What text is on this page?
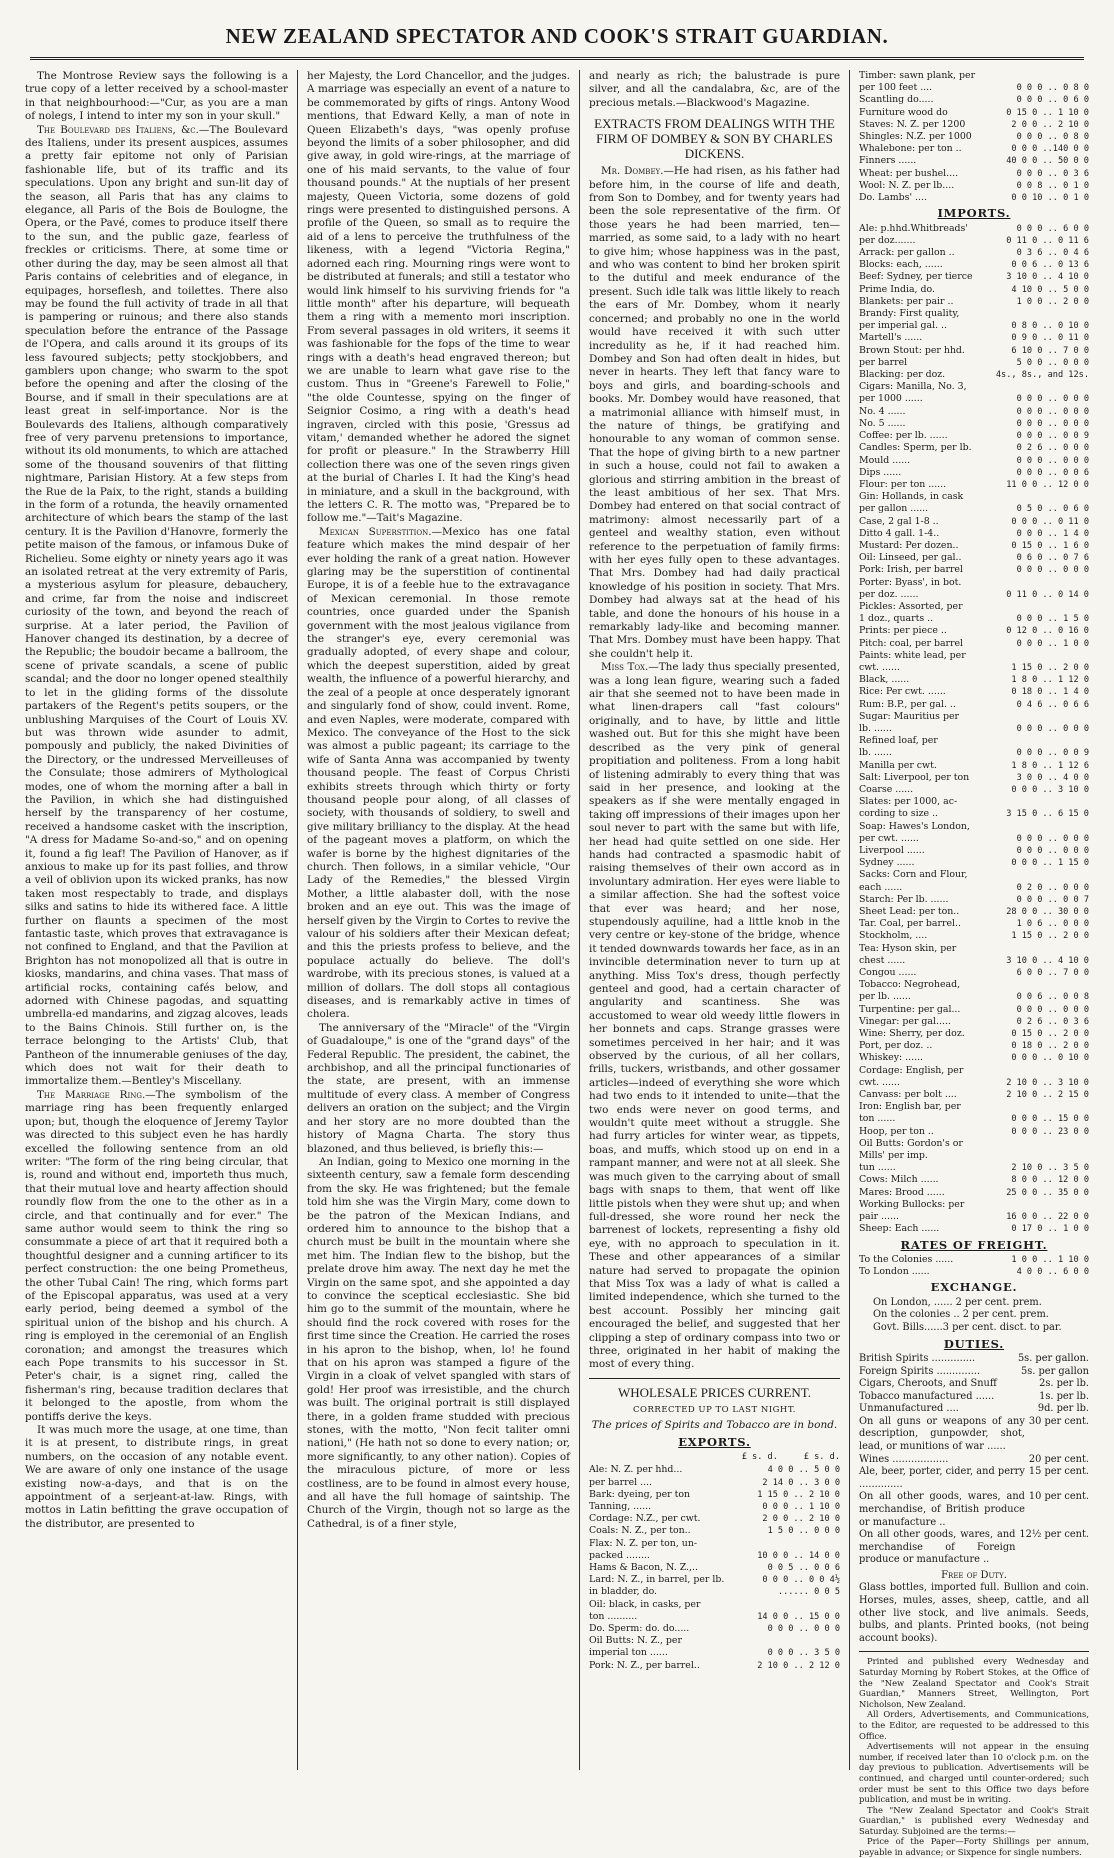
NEW ZEALAND SPECTATOR AND COOK'S STRAIT GUARDIAN.

The Montrose Review says the following is a true copy of a letter received by a school-master in that neighbourhood:—"Cur, as you are a man of nolegs, I intend to inter my son in your skull."

The Boulevard des Italiens, &c.—The Boulevard des Italiens, under its present auspices, assumes a pretty fair epitome not only of Parisian fashionable life, but of its traffic and its speculations. Upon any bright and sun-lit day of the season, all Paris that has any claims to elegance, all Paris of the Bois de Boulogne, the Opera, or the Pavé, comes to produce itself there to the sun, and the public gaze, fearless of freckles or criticisms. There, at some time or other during the day, may be seen almost all that Paris contains of celebrities and of elegance, in equipages, horseflesh, and toilettes. There also may be found the full activity of trade in all that is pampering or ruinous; and there also stands speculation before the entrance of the Passage de l'Opera, and calls around it its groups of its less favoured subjects; petty stockjobbers, and gamblers upon change; who swarm to the spot before the opening and after the closing of the Bourse, and if small in their speculations are at least great in self-importance. Nor is the Boulevards des Italiens, although comparatively free of very parvenu pretensions to importance, without its old monuments, to which are attached some of the thousand souvenirs of that flitting nightmare, Parisian History. At a few steps from the Rue de la Paix, to the right, stands a building in the form of a rotunda, the heavily ornamented architecture of which bears the stamp of the last century. It is the Pavilion d'Hanovre, formerly the petite maison of the famous, or infamous Duke of Richelieu. Some eighty or ninety years ago it was an isolated retreat at the very extremity of Paris, a mysterious asylum for pleasure, debauchery, and crime, far from the noise and indiscreet curiosity of the town, and beyond the reach of surprise. At a later period, the Pavilion of Hanover changed its destination, by a decree of the Republic; the boudoir became a ballroom, the scene of private scandals, a scene of public scandal; and the door no longer opened stealthily to let in the gliding forms of the dissolute partakers of the Regent's petits soupers, or the unblushing Marquises of the Court of Louis XV. but was thrown wide asunder to admit, pompously and publicly, the naked Divinities of the Directory, or the undressed Merveilleuses of the Consulate; those admirers of Mythological modes, one of whom the morning after a ball in the Pavilion, in which she had distinguished herself by the transparency of her costume, received a handsome casket with the inscription, "A dress for Madame So-and-so," and on opening it, found a fig leaf! The Pavilion of Hanover, as if anxious to make up for its past follies, and throw a veil of oblivion upon its wicked pranks, has now taken most respectably to trade, and displays silks and satins to hide its withered face. A little further on flaunts a specimen of the most fantastic taste, which proves that extravagance is not confined to England, and that the Pavilion at Brighton has not monopolized all that is outre in kiosks, mandarins, and china vases. That mass of artificial rocks, containing cafés below, and adorned with Chinese pagodas, and squatting umbrella-ed mandarins, and zigzag alcoves, leads to the Bains Chinois. Still further on, is the terrace belonging to the Artists' Club, that Pantheon of the innumerable geniuses of the day, which does not wait for their death to immortalize them.—Bentley's Miscellany.

The Marriage Ring.—The symbolism of the marriage ring has been frequently enlarged upon; but, though the eloquence of Jeremy Taylor was directed to this subject even he has hardly excelled the following sentence from an old writer: "The form of the ring being circular, that is, round and without end, importeth thus much, that their mutual love and hearty affection should roundly flow from the one to the other as in a circle, and that continually and for ever." The same author would seem to think the ring so consummate a piece of art that it required both a thoughtful designer and a cunning artificer to its perfect construction: the one being Prometheus, the other Tubal Cain! The ring, which forms part of the Episcopal apparatus, was used at a very early period, being deemed a symbol of the spiritual union of the bishop and his church. A ring is employed in the ceremonial of an English coronation; and amongst the treasures which each Pope transmits to his successor in St. Peter's chair, is a signet ring, called the fisherman's ring, because tradition declares that it belonged to the apostle, from whom the pontiffs derive the keys.

It was much more the usage, at one time, than it is at present, to distribute rings, in great numbers, on the occasion of any notable event. We are aware of only one instance of the usage existing now-a-days, and that is on the appointment of a serjeant-at-law. Rings, with mottos in Latin befitting the grave occupation of the distributor, are presented to

her Majesty, the Lord Chancellor, and the judges. A marriage was especially an event of a nature to be commemorated by gifts of rings. Antony Wood mentions, that Edward Kelly, a man of note in Queen Elizabeth's days, "was openly profuse beyond the limits of a sober philosopher, and did give away, in gold wire-rings, at the marriage of one of his maid servants, to the value of four thousand pounds." At the nuptials of her present majesty, Queen Victoria, some dozens of gold rings were presented to distinguished persons. A profile of the Queen, so small as to require the aid of a lens to perceive the truthfulness of the likeness, with a legend "Victoria Regina," adorned each ring. Mourning rings were wont to be distributed at funerals; and still a testator who would link himself to his surviving friends for "a little month" after his departure, will bequeath them a ring with a memento mori inscription. From several passages in old writers, it seems it was fashionable for the fops of the time to wear rings with a death's head engraved thereon; but we are unable to learn what gave rise to the custom. Thus in "Greene's Farewell to Folie," "the olde Countesse, spying on the finger of Seignior Cosimo, a ring with a death's head ingraven, circled with this posie, 'Gressus ad vitam,' demanded whether he adored the signet for profit or pleasure." In the Strawberry Hill collection there was one of the seven rings given at the burial of Charles I. It had the King's head in miniature, and a skull in the background, with the letters C. R. The motto was, "Prepared be to follow me."—Tait's Magazine.

Mexican Superstition.—Mexico has one fatal feature which makes the mind despair of her ever holding the rank of a great nation. However glaring may be the superstition of continental Europe, it is of a feeble hue to the extravagance of Mexican ceremonial. In those remote countries, once guarded under the Spanish government with the most jealous vigilance from the stranger's eye, every ceremonial was gradually adopted, of every shape and colour, which the deepest superstition, aided by great wealth, the influence of a powerful hierarchy, and the zeal of a people at once desperately ignorant and singularly fond of show, could invent. Rome, and even Naples, were moderate, compared with Mexico. The conveyance of the Host to the sick was almost a public pageant; its carriage to the wife of Santa Anna was accompanied by twenty thousand people. The feast of Corpus Christi exhibits streets through which thirty or forty thousand people pour along, of all classes of society, with thousands of soldiery, to swell and give military brilliancy to the display. At the head of the pageant moves a platform, on which the wafer is borne by the highest dignitaries of the church. Then follows, in a similar vehicle, "Our Lady of the Remedies," the blessed Virgin Mother, a little alabaster doll, with the nose broken and an eye out. This was the image of herself given by the Virgin to Cortes to revive the valour of his soldiers after their Mexican defeat; and this the priests profess to believe, and the populace actually do believe. The doll's wardrobe, with its precious stones, is valued at a million of dollars. The doll stops all contagious diseases, and is remarkably active in times of cholera.

The anniversary of the "Miracle" of the "Virgin of Guadaloupe," is one of the "grand days" of the Federal Republic. The president, the cabinet, the archbishop, and all the principal functionaries of the state, are present, with an immense multitude of every class. A member of Congress delivers an oration on the subject; and the Virgin and her story are no more doubted than the history of Magna Charta. The story thus blazoned, and thus believed, is briefly this:—

An Indian, going to Mexico one morning in the sixteenth century, saw a female form descending from the sky. He was frightened; but the female told him she was the Virgin Mary, come down to be the patron of the Mexican Indians, and ordered him to announce to the bishop that a church must be built in the mountain where she met him. The Indian flew to the bishop, but the prelate drove him away. The next day he met the Virgin on the same spot, and she appointed a day to convince the sceptical ecclesiastic. She bid him go to the summit of the mountain, where he should find the rock covered with roses for the first time since the Creation. He carried the roses in his apron to the bishop, when, lo! he found that on his apron was stamped a figure of the Virgin in a cloak of velvet spangled with stars of gold! Her proof was irresistible, and the church was built. The original portrait is still displayed there, in a golden frame studded with precious stones, with the motto, "Non fecit taliter omni nationi," (He hath not so done to every nation; or, more significantly, to any other nation). Copies of the miraculous picture, of more or less costliness, are to be found in almost every house, and all have the full homage of saintship. The Church of the Virgin, though not so large as the Cathedral, is of a finer style,

and nearly as rich; the balustrade is pure silver, and all the candalabra, &c, are of the precious metals.—Blackwood's Magazine.

EXTRACTS FROM DEALINGS WITH THE FIRM OF DOMBEY & SON BY CHARLES DICKENS.

Mr. Dombey.—He had risen, as his father had before him, in the course of life and death, from Son to Dombey, and for twenty years had been the sole representative of the firm. Of those years he had been married, ten—married, as some said, to a lady with no heart to give him; whose happiness was in the past, and who was content to bind her broken spirit to the dutiful and meek endurance of the present. Such idle talk was little likely to reach the ears of Mr. Dombey, whom it nearly concerned; and probably no one in the world would have received it with such utter incredulity as he, if it had reached him. Dombey and Son had often dealt in hides, but never in hearts. They left that fancy ware to boys and girls, and boarding-schools and books. Mr. Dombey would have reasoned, that a matrimonial alliance with himself must, in the nature of things, be gratifying and honourable to any woman of common sense. That the hope of giving birth to a new partner in such a house, could not fail to awaken a glorious and stirring ambition in the breast of the least ambitious of her sex. That Mrs. Dombey had entered on that social contract of matrimony: almost necessarily part of a genteel and wealthy station, even without reference to the perpetuation of family firms: with her eyes fully open to these advantages. That Mrs. Dombey had had daily practical knowledge of his position in society. That Mrs. Dombey had always sat at the head of his table, and done the honours of his house in a remarkably lady-like and becoming manner. That Mrs. Dombey must have been happy. That she couldn't help it.

Miss Tox.—The lady thus specially presented, was a long lean figure, wearing such a faded air that she seemed not to have been made in what linen-drapers call "fast colours" originally, and to have, by little and little washed out. But for this she might have been described as the very pink of general propitiation and politeness. From a long habit of listening admirably to every thing that was said in her presence, and looking at the speakers as if she were mentally engaged in taking off impressions of their images upon her soul never to part with the same but with life, her head had quite settled on one side. Her hands had contracted a spasmodic habit of raising themselves of their own accord as in involuntary admiration. Her eyes were liable to a similar affection. She had the softest voice that ever was heard; and her nose, stupendously aquiline, had a little knob in the very centre or key-stone of the bridge, whence it tended downwards towards her face, as in an invincible determination never to turn up at anything. Miss Tox's dress, though perfectly genteel and good, had a certain character of angularity and scantiness. She was accustomed to wear old weedy little flowers in her bonnets and caps. Strange grasses were sometimes perceived in her hair; and it was observed by the curious, of all her collars, frills, tuckers, wristbands, and other gossamer articles—indeed of everything she wore which had two ends to it intended to unite—that the two ends were never on good terms, and wouldn't quite meet without a struggle. She had furry articles for winter wear, as tippets, boas, and muffs, which stood up on end in a rampant manner, and were not at all sleek. She was much given to the carrying about of small bags with snaps to them, that went off like little pistols when they were shut up; and when full-dressed, she wore round her neck the barrenest of lockets, representing a fishy old eye, with no approach to speculation in it. These and other appearances of a similar nature had served to propagate the opinion that Miss Tox was a lady of what is called a limited independence, which she turned to the best account. Possibly her mincing gait encouraged the belief, and suggested that her clipping a step of ordinary compass into two or three, originated in her habit of making the most of every thing.

WHOLESALE PRICES CURRENT.
CORRECTED UP TO LAST NIGHT.
The prices of Spirits and Tobacco are in bond.
EXPORTS.
£ s. d.     £ s. d.
Ale: N. Z. per hhd...	4 0 0 .. 5 0 0
per barrel ....	2 14 0 .. 3 0 0
Bark: dyeing, per ton	1 15 0 .. 2 10 0
Tanning, ......	0 0 0 .. 1 10 0
Cordage: N.Z., per cwt.	2 0 0 .. 2 10 0
Coals: N. Z., per ton..	1 5 0 .. 0 0 0
Flax: N. Z. per ton, un-	
packed ........	10 0 0 .. 14 0 0
Hams & Bacon, N. Z.,..	0 0 5 .. 0 0 6
Lard: N. Z., in barrel, per lb.	0 0 0 .. 0 0 4½
in bladder, do.	...... 0 0 5
Oil: black, in casks, per	
ton ..........	14 0 0 .. 15 0 0
Do. Sperm: do. do.....	0 0 0 .. 0 0 0
Oil Butts: N. Z., per	
imperial ton ......	0 0 0 .. 3 5 0
Pork: N. Z., per barrel..	2 10 0 .. 2 12 0
Timber: sawn plank, per	
per 100 feet ....	0 0 0 .. 0 8 0
Scantling do.....	0 0 0 .. 0 6 0
Furniture wood do	0 15 0 .. 1 10 0
Staves: N. Z. per 1200	2 0 0 .. 2 10 0
Shingles: N.Z. per 1000	0 0 0 .. 0 8 0
Whalebone: per ton ..	0 0 0 ..140 0 0
Finners ......	40 0 0 .. 50 0 0
Wheat: per bushel....	0 0 0 .. 0 3 6
Wool: N. Z. per lb....	0 0 8 .. 0 1 0
Do. Lambs' ....	0 0 10 .. 0 1 0
IMPORTS.
Ale: p.hhd.Whitbreads'	0 0 0 .. 6 0 0
per doz.......	0 11 0 .. 0 11 6
Arrack: per gallon ..	0 3 6 .. 0 4 6
Blocks: each, ......	0 0 6 .. 0 13 6
Beef: Sydney, per tierce	3 10 0 .. 4 10 0
Prime India, do.	4 10 0 .. 5 0 0
Blankets: per pair ..	1 0 0 .. 2 0 0
Brandy: First quality,	
per imperial gal. ..	0 8 0 .. 0 10 0
Martell's ......	0 9 0 .. 0 11 0
Brown Stout: per hhd.	6 10 0 .. 7 0 0
per barrel	5 0 0 .. 0 0 0
Blacking: per doz.	4s., 8s., and 12s.
Cigars: Manilla, No. 3,	
per 1000 ......	0 0 0 .. 0 0 0
No. 4 ......	0 0 0 .. 0 0 0
No. 5 ......	0 0 0 .. 0 0 0
Coffee: per lb. ......	0 0 0 .. 0 0 9
Candles: Sperm, per lb.	0 2 6 .. 0 0 0
Mould ......	0 0 0 .. 0 0 0
Dips ......	0 0 0 .. 0 0 6
Flour: per ton ......	11 0 0 .. 12 0 0
Gin: Hollands, in cask	
per gallon ......	0 5 0 .. 0 6 0
Case, 2 gal 1-8 ..	0 0 0 .. 0 11 0
Ditto 4 gall. 1-4..	0 0 0 .. 1 4 0
Mustard: Per dozen..	0 15 0 .. 1 6 0
Oil: Linseed, per gal..	0 6 0 .. 0 7 6
Pork: Irish, per barrel	0 0 0 .. 0 0 0
Porter: Byass', in bot.	
per doz. ......	0 11 0 .. 0 14 0
Pickles: Assorted, per	
1 doz., quarts ..	0 0 0 .. 1 5 0
Prints: per piece ..	0 12 0 .. 0 16 0
Pitch: coal, per barrel	0 0 0 .. 1 0 0
Paints: white lead, per	
cwt. ......	1 15 0 .. 2 0 0
Black, ......	1 8 0 .. 1 12 0
Rice: Per cwt. ......	0 18 0 .. 1 4 0
Rum: B.P., per gal. ..	0 4 6 .. 0 6 6
Sugar: Mauritius per	
lb. ......	0 0 0 .. 0 0 0
Refined loaf, per	
lb. ......	0 0 0 .. 0 0 9
Manilla per cwt.	1 8 0 .. 1 12 6
Salt: Liverpool, per ton	3 0 0 .. 4 0 0
Coarse ......	0 0 0 .. 3 10 0
Slates: per 1000, ac-	
cording to size ..	3 15 0 .. 6 15 0
Soap: Hawes's London,	
per cwt. ......	0 0 0 .. 0 0 0
Liverpool ......	0 0 0 .. 0 0 0
Sydney ......	0 0 0 .. 1 15 0
Sacks: Corn and Flour,	
each ......	0 2 0 .. 0 0 0
Starch: Per lb. ......	0 0 0 .. 0 0 7
Sheet Lead: per ton..	28 0 0 .. 30 0 0
Tar. Coal, per barrel..	1 0 6 .. 0 0 0
Stockholm, ....	1 15 0 .. 2 0 0
Tea: Hyson skin, per	
chest ......	3 10 0 .. 4 10 0
Congou ......	6 0 0 .. 7 0 0
Tobacco: Negrohead,	
per lb. ......	0 0 6 .. 0 0 8
Turpentine: per gal...	0 0 0 .. 0 0 0
Vinegar: per gal.....	0 2 6 .. 0 3 6
Wine: Sherry, per doz.	0 15 0 .. 2 0 0
Port, per doz. ..	0 18 0 .. 2 0 0
Whiskey: ......	0 0 0 .. 0 10 0
Cordage: English, per	
cwt. ......	2 10 0 .. 3 10 0
Canvass: per bolt ....	2 10 0 .. 2 15 0
Iron: English bar, per	
ton ......	0 0 0 .. 15 0 0
Hoop, per ton ..	0 0 0 .. 23 0 0
Oil Butts: Gordon's or	
Mills' per imp.	
tun ......	2 10 0 .. 3 5 0
Cows: Milch ......	8 0 0 .. 12 0 0
Mares: Brood ......	25 0 0 .. 35 0 0
Working Bullocks: per	
pair ......	16 0 0 .. 22 0 0
Sheep: Each ......	0 17 0 .. 1 0 0
RATES OF FREIGHT.
To the Colonies ......	1 0 0 .. 1 10 0
To London ......	4 0 0 .. 6 0 0
EXCHANGE.
On London, ...... 2 per cent. prem.
On the colonies .. 2 per cent. prem.
Govt. Bills......3 per cent. disct. to par.
DUTIES.
British Spirits ..............	5s. per gallon.
Foreign Spirits ..............	5s. per gallon
Cigars, Cheroots, and Snuff	2s. per lb.
Tobacco manufactured ......	1s. per lb.
Unmanufactured ....	9d. per lb.
On all guns or weapons of any description, gunpowder, shot, lead, or munitions of war ......
30 per cent.
Wines ..................	20 per cent.
Ale, beer, porter, cider, and perry ..............
15 per cent.
On all other goods, wares, and merchandise, of British produce or manufacture ..
10 per cent.
On all other goods, wares, and merchandise of Foreign produce or manufacture ..
12½ per cent.
Free of Duty.
Glass bottles, imported full. Bullion and coin. Horses, mules, asses, sheep, cattle, and all other live stock, and live animals. Seeds, bulbs, and plants. Printed books, (not being account books).

Printed and published every Wednesday and Saturday Morning by Robert Stokes, at the Office of the "New Zealand Spectator and Cook's Strait Guardian," Manners Street, Wellington, Port Nicholson, New Zealand.

All Orders, Advertisements, and Communications, to the Editor, are requested to be addressed to this Office.

Advertisements will not appear in the ensuing number, if received later than 10 o'clock p.m. on the day previous to publication. Advertisements will be continued, and charged until counter-ordered; such order must be sent to this Office two days before publication, and must be in writing.

The "New Zealand Spectator and Cook's Strait Guardian," is published every Wednesday and Saturday. Subjoined are the terms:—

Price of the Paper—Forty Shillings per annum, payable in advance; or Sixpence for single numbers.
